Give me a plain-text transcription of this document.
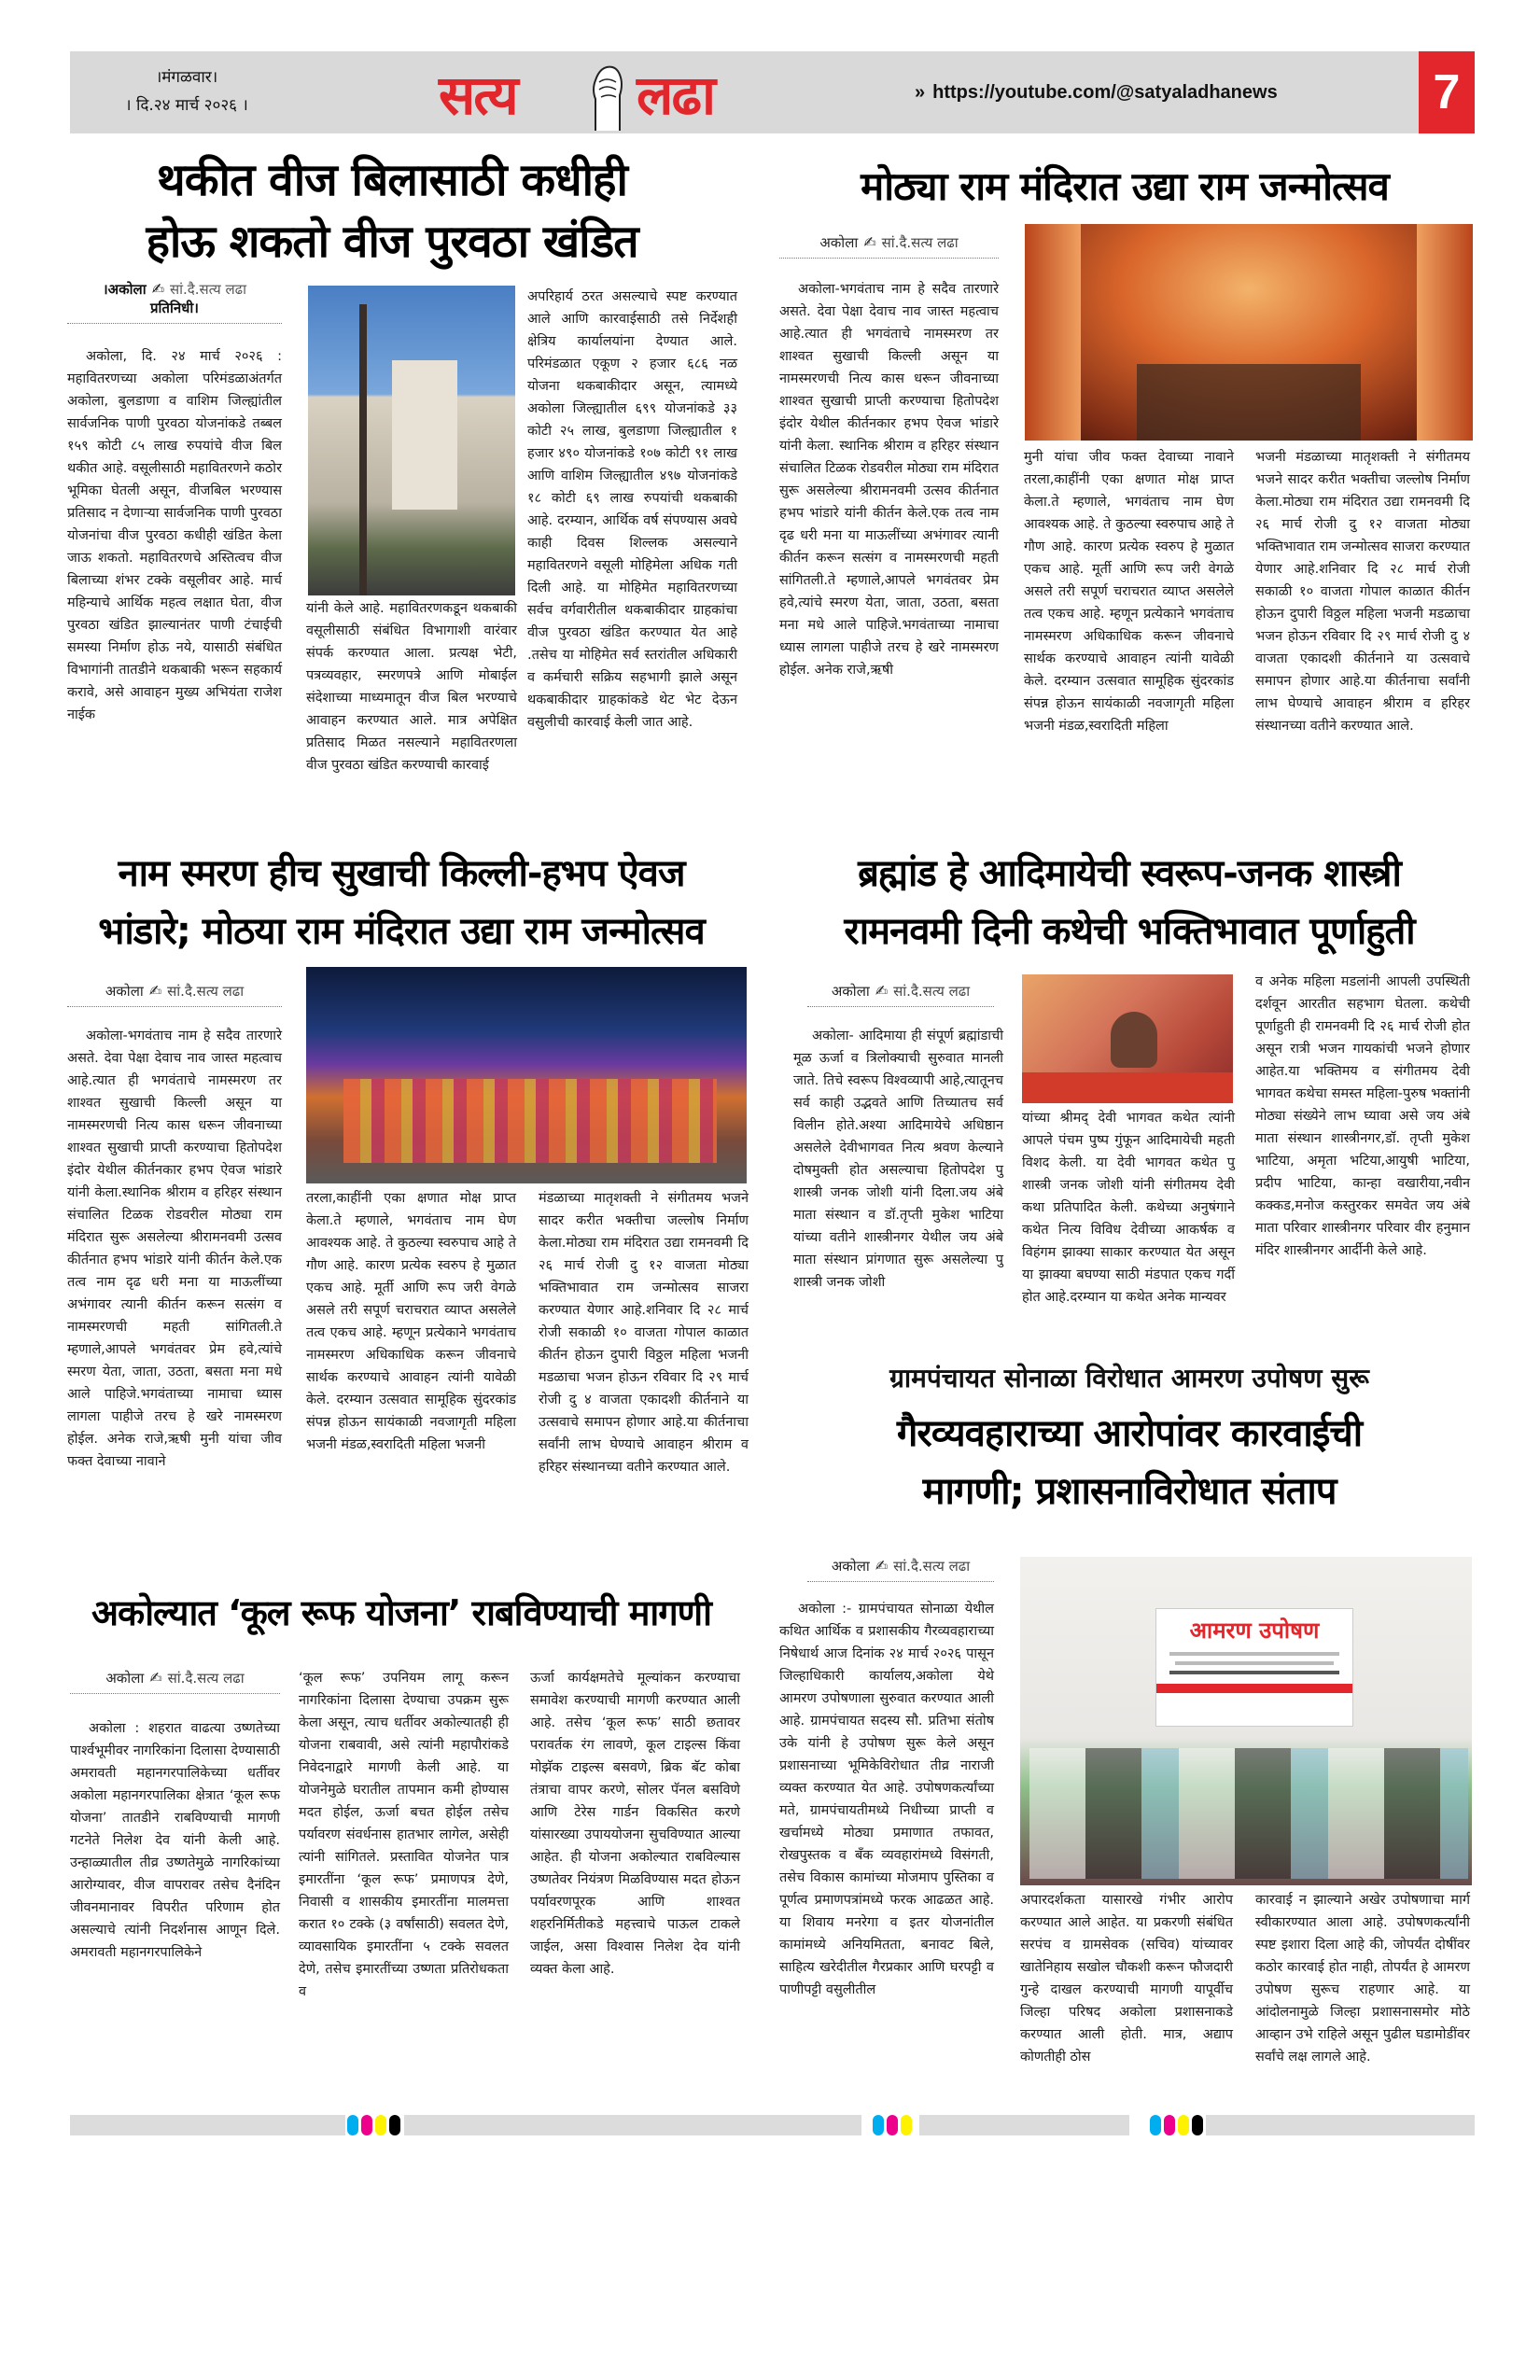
।मंगळवार।
। दि.२४ मार्च २०२६ ।	सत्य लढा	» https://youtube.com/@satyaladhanews	7
थकीत वीज बिलासाठी कधीही
होऊ शकतो वीज पुरवठा खंडित
।अकोला ✍ सां.दै.सत्य लढा
प्रतिनिधी।

अकोला, दि. २४ मार्च २०२६ : महावितरणच्या अकोला परिमंडळाअंतर्गत अकोला, बुलडाणा व वाशिम जिल्ह्यांतील सार्वजनिक पाणी पुरवठा योजनांकडे तब्बल १५९ कोटी ८५ लाख रुपयांचे वीज बिल थकीत आहे. वसूलीसाठी महावितरणने कठोर भूमिका घेतली असून, वीजबिल भरण्यास प्रतिसाद न देणाऱ्या सार्वजनिक पाणी पुरवठा योजनांचा वीज पुरवठा कधीही खंडित केला जाऊ शकतो. महावितरणचे अस्तित्वच वीज बिलाच्या शंभर टक्के वसूलीवर आहे. मार्च महिन्याचे आर्थिक महत्व लक्षात घेता, वीज पुरवठा खंडित झाल्यानंतर पाणी टंचाईची समस्या निर्माण होऊ नये, यासाठी संबंधित विभागांनी तातडीने थकबाकी भरून सहकार्य करावे, असे आवाहन मुख्य अभियंता राजेश नाईक

यांनी केले आहे. महावितरणकडून थकबाकी वसूलीसाठी संबंधित विभागाशी वारंवार संपर्क करण्यात आला. प्रत्यक्ष भेटी, पत्रव्यवहार, स्मरणपत्रे आणि मोबाईल संदेशाच्या माध्यमातून वीज बिल भरण्याचे आवाहन करण्यात आले. मात्र अपेक्षित प्रतिसाद मिळत नसल्याने महावितरणला वीज पुरवठा खंडित करण्याची कारवाई

अपरिहार्य ठरत असल्याचे स्पष्ट करण्यात आले आणि कारवाईसाठी तसे निर्देशही क्षेत्रिय कार्यालयांना देण्यात आले. परिमंडळात एकूण २ हजार ६८६ नळ योजना थकबाकीदार असून, त्यामध्ये अकोला जिल्ह्यातील ६९९ योजनांकडे ३३ कोटी २५ लाख, बुलडाणा जिल्ह्यातील १ हजार ४९० योजनांकडे १०७ कोटी ९१ लाख आणि वाशिम जिल्ह्यातील ४९७ योजनांकडे १८ कोटी ६९ लाख रुपयांची थकबाकी आहे. दरम्यान, आर्थिक वर्ष संपण्यास अवघे काही दिवस शिल्लक असल्याने महावितरणने वसूली मोहिमेला अधिक गती दिली आहे. या मोहिमेत महावितरणच्या सर्वच वर्गवारीतील थकबाकीदार ग्राहकांचा वीज पुरवठा खंडित करण्यात येत आहे .तसेच या मोहिमेत सर्व स्तरांतील अधिकारी व कर्मचारी सक्रिय सहभागी झाले असून थकबाकीदार ग्राहकांकडे थेट भेट देऊन वसुलीची कारवाई केली जात आहे.

मोठ्या राम मंदिरात उद्या राम जन्मोत्सव
अकोला ✍ सां.दै.सत्य लढा

अकोला-भगवंताच नाम हे सदैव तारणारे असते. देवा पेक्षा देवाच नाव जास्त महत्वाच आहे.त्यात ही भगवंताचे नामस्मरण तर शाश्वत सुखाची किल्ली असून या नामस्मरणची नित्य कास धरून जीवनाच्या शाश्वत सुखाची प्राप्ती करण्याचा हितोपदेश इंदोर येथील कीर्तनकार हभप ऐवज भांडारे यांनी केला. स्थानिक श्रीराम व हरिहर संस्थान संचालित टिळक रोडवरील मोठ्या राम मंदिरात सुरू असलेल्या श्रीरामनवमी उत्सव कीर्तनात हभप भांडारे यांनी कीर्तन केले.एक तत्व नाम दृढ धरी मना या माऊलींच्या अभंगावर त्यानी कीर्तन करून सत्संग व नामस्मरणची महती सांगितली.ते म्हणाले,आपले भगवंतवर प्रेम हवे,त्यांचे स्मरण येता, जाता, उठता, बसता मना मधे आले पाहिजे.भगवंताच्या नामाचा ध्यास लागला पाहीजे तरच हे खरे नामस्मरण होईल. अनेक राजे,ऋषी

मुनी यांचा जीव फक्त देवाच्या नावाने तरला,काहींनी एका क्षणात मोक्ष प्राप्त केला.ते म्हणाले, भगवंताच नाम घेण आवश्यक आहे. ते कुठल्या स्वरुपाच आहे ते गौण आहे. कारण प्रत्येक स्वरुप हे मुळात एकच आहे. मूर्ती आणि रूप जरी वेगळे असले तरी सपूर्ण चराचरात व्याप्त असलेले तत्व एकच आहे. म्हणून प्रत्येकाने भगवंताच नामस्मरण अधिकाधिक करून जीवनाचे सार्थक करण्याचे आवाहन त्यांनी यावेळी केले. दरम्यान उत्सवात सामूहिक सुंदरकांड संपन्न होऊन सायंकाळी नवजागृती महिला भजनी मंडळ,स्वरादिती महिला

भजनी मंडळाच्या मातृशक्ती ने संगीतमय भजने सादर करीत भक्तीचा जल्लोष निर्माण केला.मोठ्या राम मंदिरात उद्या रामनवमी दि २६ मार्च रोजी दु १२ वाजता मोठ्या भक्तिभावात राम जन्मोत्सव साजरा करण्यात येणार आहे.शनिवार दि २८ मार्च रोजी सकाळी १० वाजता गोपाल काळात कीर्तन होऊन दुपारी विठ्ठल महिला भजनी मडळाचा भजन होऊन रविवार दि २९ मार्च रोजी दु ४ वाजता एकादशी कीर्तनाने या उत्सवाचे समापन होणार आहे.या कीर्तनाचा सर्वांनी लाभ घेण्याचे आवाहन श्रीराम व हरिहर संस्थानच्या वतीने करण्यात आले.

नाम स्मरण हीच सुखाची किल्ली-हभप ऐवज
भांडारे; मोठया राम मंदिरात उद्या राम जन्मोत्सव
अकोला ✍ सां.दै.सत्य लढा

अकोला-भगवंताच नाम हे सदैव तारणारे असते. देवा पेक्षा देवाच नाव जास्त महत्वाच आहे.त्यात ही भगवंताचे नामस्मरण तर शाश्वत सुखाची किल्ली असून या नामस्मरणची नित्य कास धरून जीवनाच्या शाश्वत सुखाची प्राप्ती करण्याचा हितोपदेश इंदोर येथील कीर्तनकार हभप ऐवज भांडारे यांनी केला.स्थानिक श्रीराम व हरिहर संस्थान संचालित टिळक रोडवरील मोठ्या राम मंदिरात सुरू असलेल्या श्रीरामनवमी उत्सव कीर्तनात हभप भांडारे यांनी कीर्तन केले.एक तत्व नाम दृढ धरी मना या माऊलींच्या अभंगावर त्यानी कीर्तन करून सत्संग व नामस्मरणची महती सांगितली.ते म्हणाले,आपले भगवंतवर प्रेम हवे,त्यांचे स्मरण येता, जाता, उठता, बसता मना मधे आले पाहिजे.भगवंताच्या नामाचा ध्यास लागला पाहीजे तरच हे खरे नामस्मरण होईल. अनेक राजे,ऋषी मुनी यांचा जीव फक्त देवाच्या नावाने

तरला,काहींनी एका क्षणात मोक्ष प्राप्त केला.ते म्हणाले, भगवंताच नाम घेण आवश्यक आहे. ते कुठल्या स्वरुपाच आहे ते गौण आहे. कारण प्रत्येक स्वरुप हे मुळात एकच आहे. मूर्ती आणि रूप जरी वेगळे असले तरी सपूर्ण चराचरात व्याप्त असलेले तत्व एकच आहे. म्हणून प्रत्येकाने भगवंताच नामस्मरण अधिकाधिक करून जीवनाचे सार्थक करण्याचे आवाहन त्यांनी यावेळी केले. दरम्यान उत्सवात सामूहिक सुंदरकांड संपन्न होऊन सायंकाळी नवजागृती महिला भजनी मंडळ,स्वरादिती महिला भजनी

मंडळाच्या मातृशक्ती ने संगीतमय भजने सादर करीत भक्तीचा जल्लोष निर्माण केला.मोठ्या राम मंदिरात उद्या रामनवमी दि २६ मार्च रोजी दु १२ वाजता मोठ्या भक्तिभावात राम जन्मोत्सव साजरा करण्यात येणार आहे.शनिवार दि २८ मार्च रोजी सकाळी १० वाजता गोपाल काळात कीर्तन होऊन दुपारी विठ्ठल महिला भजनी मडळाचा भजन होऊन रविवार दि २९ मार्च रोजी दु ४ वाजता एकादशी कीर्तनाने या उत्सवाचे समापन होणार आहे.या कीर्तनाचा सर्वांनी लाभ घेण्याचे आवाहन श्रीराम व हरिहर संस्थानच्या वतीने करण्यात आले.

ब्रह्मांड हे आदिमायेची स्वरूप-जनक शास्त्री
रामनवमी दिनी कथेची भक्तिभावात पूर्णाहुती
अकोला ✍ सां.दै.सत्य लढा

अकोला- आदिमाया ही संपूर्ण ब्रह्मांडाची मूळ ऊर्जा व त्रिलोक्याची सुरुवात मानली जाते. तिचे स्वरूप विश्वव्यापी आहे,त्यातूनच सर्व काही उद्भवते आणि तिच्यातच सर्व विलीन होते.अश्या आदिमायेचे अधिष्ठान असलेले देवीभागवत नित्य श्रवण केल्याने दोषमुक्ती होत असल्याचा हितोपदेश पु शास्त्री जनक जोशी यांनी दिला.जय अंबे माता संस्थान व डॉ.तृप्ती मुकेश भाटिया यांच्या वतीने शास्त्रीनगर येथील जय अंबे माता संस्थान प्रांगणात सुरू असलेल्या पु शास्त्री जनक जोशी

यांच्या श्रीमद् देवी भागवत कथेत त्यांनी आपले पंचम पुष्प गुंफून आदिमायेची महती विशद केली. या देवी भागवत कथेत पु शास्त्री जनक जोशी यांनी संगीतमय देवी कथा प्रतिपादित केली. कथेच्या अनुषंगाने कथेत नित्य विविध देवीच्या आकर्षक व विहंगम झाक्या साकार करण्यात येत असून या झाक्या बघण्या साठी मंडपात एकच गर्दी होत आहे.दरम्यान या कथेत अनेक मान्यवर

व अनेक महिला मडलांनी आपली उपस्थिती दर्शवून आरतीत सहभाग घेतला. कथेची पूर्णाहुती ही रामनवमी दि २६ मार्च रोजी होत असून रात्री भजन गायकांची भजने होणार आहेत.या भक्तिमय व संगीतमय देवी भागवत कथेचा समस्त महिला-पुरुष भक्तांनी मोठ्या संख्येने लाभ घ्यावा असे जय अंबे माता संस्थान शास्त्रीनगर,डॉ. तृप्ती मुकेश भाटिया, अमृता भटिया,आयुषी भाटिया, प्रदीप भाटिया, कान्हा वखारीया,नवीन कक्कड,मनोज कस्तुरकर समवेत जय अंबे माता परिवार शास्त्रीनगर परिवार वीर हनुमान मंदिर शास्त्रीनगर आर्दीनी केले आहे.

ग्रामपंचायत सोनाळा विरोधात आमरण उपोषण सुरू
गैरव्यवहाराच्या आरोपांवर कारवाईची
मागणी; प्रशासनाविरोधात संताप
अकोला ✍ सां.दै.सत्य लढा

अकोला :- ग्रामपंचायत सोनाळा येथील कथित आर्थिक व प्रशासकीय गैरव्यवहाराच्या निषेधार्थ आज दिनांक २४ मार्च २०२६ पासून जिल्हाधिकारी कार्यालय,अकोला येथे आमरण उपोषणाला सुरुवात करण्यात आली आहे. ग्रामपंचायत सदस्य सौ. प्रतिभा संतोष उके यांनी हे उपोषण सुरू केले असून प्रशासनाच्या भूमिकेविरोधात तीव्र नाराजी व्यक्त करण्यात येत आहे. उपोषणकर्त्यांच्या मते, ग्रामपंचायतीमध्ये निधीच्या प्राप्ती व खर्चामध्ये मोठ्या प्रमाणात तफावत, रोखपुस्तक व बँक व्यवहारांमध्ये विसंगती, तसेच विकास कामांच्या मोजमाप पुस्तिका व पूर्णत्व प्रमाणपत्रांमध्ये फरक आढळत आहे. या शिवाय मनरेगा व इतर योजनांतील कामांमध्ये अनियमितता, बनावट बिले, साहित्य खरेदीतील गैरप्रकार आणि घरपट्टी व पाणीपट्टी वसुलीतील

आमरण उपोषण

अपारदर्शकता यासारखे गंभीर आरोप करण्यात आले आहेत. या प्रकरणी संबंधित सरपंच व ग्रामसेवक (सचिव) यांच्यावर खातेनिहाय सखोल चौकशी करून फौजदारी गुन्हे दाखल करण्याची मागणी यापूर्वीच जिल्हा परिषद अकोला प्रशासनाकडे करण्यात आली होती. मात्र, अद्याप कोणतीही ठोस

कारवाई न झाल्याने अखेर उपोषणाचा मार्ग स्वीकारण्यात आला आहे. उपोषणकर्त्यांनी स्पष्ट इशारा दिला आहे की, जोपर्यंत दोषींवर कठोर कारवाई होत नाही, तोपर्यंत हे आमरण उपोषण सुरूच राहणार आहे. या आंदोलनामुळे जिल्हा प्रशासनासमोर मोठे आव्हान उभे राहिले असून पुढील घडामोडींवर सर्वांचे लक्ष लागले आहे.

अकोल्यात ‘कूल रूफ योजना’ राबविण्याची मागणी
अकोला ✍ सां.दै.सत्य लढा

अकोला : शहरात वाढत्या उष्णतेच्या पार्श्वभूमीवर नागरिकांना दिलासा देण्यासाठी अमरावती महानगरपालिकेच्या धर्तीवर अकोला महानगरपालिका क्षेत्रात ‘कूल रूफ योजना’ तातडीने राबविण्याची मागणी गटनेते निलेश देव यांनी केली आहे. उन्हाळ्यातील तीव्र उष्णतेमुळे नागरिकांच्या आरोग्यावर, वीज वापरावर तसेच दैनंदिन जीवनमानावर विपरीत परिणाम होत असल्याचे त्यांनी निदर्शनास आणून दिले. अमरावती महानगरपालिकेने

‘कूल रूफ’ उपनियम लागू करून नागरिकांना दिलासा देण्याचा उपक्रम सुरू केला असून, त्याच धर्तीवर अकोल्यातही ही योजना राबवावी, असे त्यांनी महापौरांकडे निवेदनाद्वारे मागणी केली आहे. या योजनेमुळे घरातील तापमान कमी होण्यास मदत होईल, ऊर्जा बचत होईल तसेच पर्यावरण संवर्धनास हातभार लागेल, असेही त्यांनी सांगितले. प्रस्तावित योजनेत पात्र इमारतींना ‘कूल रूफ’ प्रमाणपत्र देणे, निवासी व शासकीय इमारतींना मालमत्ता करात १० टक्के (३ वर्षांसाठी) सवलत देणे, व्यावसायिक इमारतींना ५ टक्के सवलत देणे, तसेच इमारतींच्या उष्णता प्रतिरोधकता व

ऊर्जा कार्यक्षमतेचे मूल्यांकन करण्याचा समावेश करण्याची मागणी करण्यात आली आहे. तसेच ‘कूल रूफ’ साठी छतावर परावर्तक रंग लावणे, कूल टाइल्स किंवा मोझॅक टाइल्स बसवणे, ब्रिक बॅट कोबा तंत्राचा वापर करणे, सोलर पॅनल बसविणे आणि टेरेस गार्डन विकसित करणे यांसारख्या उपाययोजना सुचविण्यात आल्या आहेत. ही योजना अकोल्यात राबविल्यास उष्णतेवर नियंत्रण मिळविण्यास मदत होऊन पर्यावरणपूरक आणि शाश्वत शहरनिर्मितीकडे महत्त्वाचे पाऊल टाकले जाईल, असा विश्वास निलेश देव यांनी व्यक्त केला आहे.
